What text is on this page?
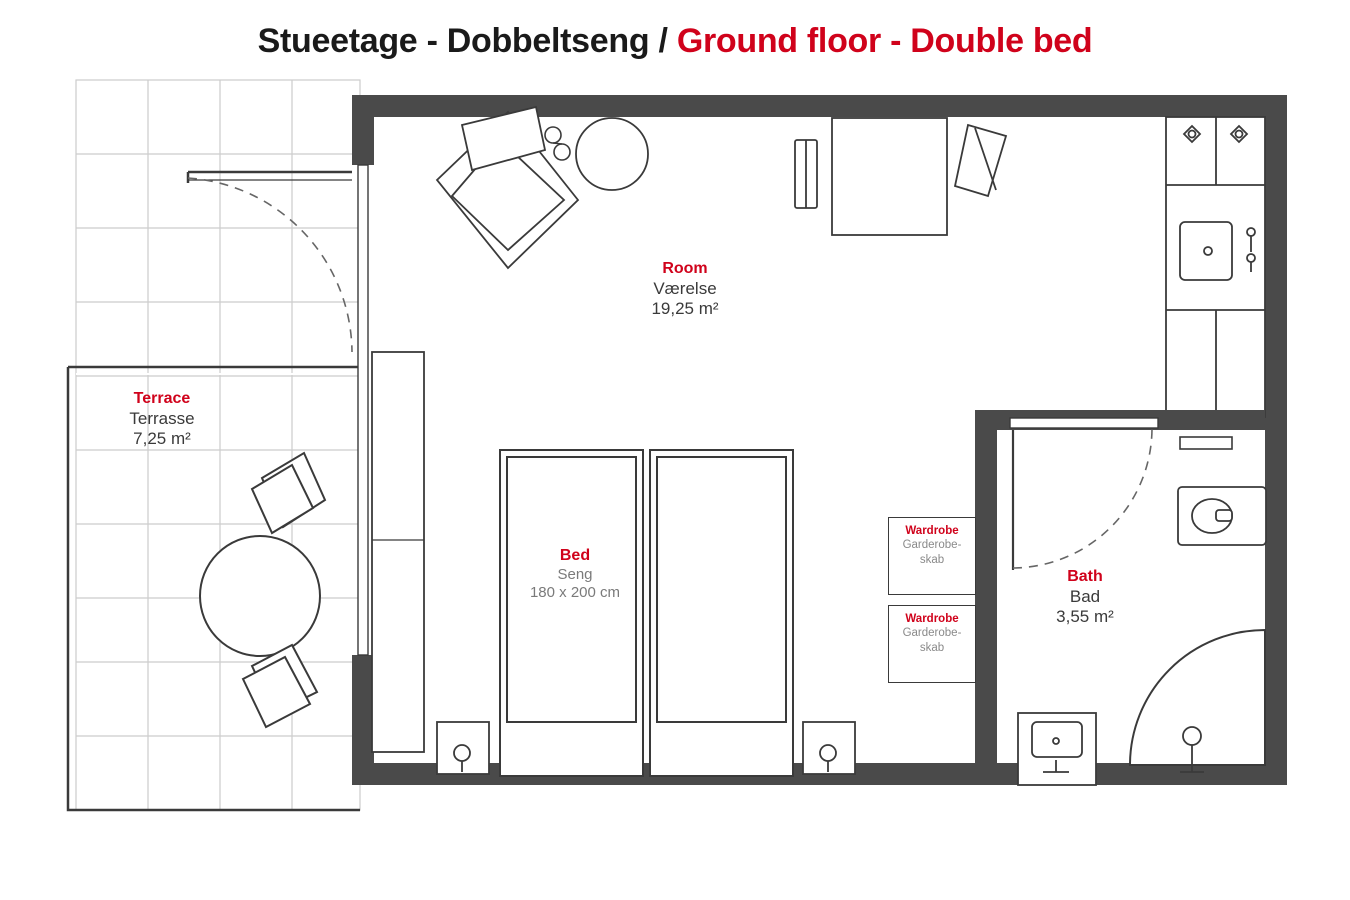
Stueetage - Dobbeltseng / Ground floor - Double bed
Room
Værelse
19,25 m²
Terrace
Terrasse
7,25 m²
Bath
Bad
3,55 m²
Bed
Seng
180 x 200 cm
Wardrobe
Garderobe-skab
Wardrobe
Garderobe-skab
